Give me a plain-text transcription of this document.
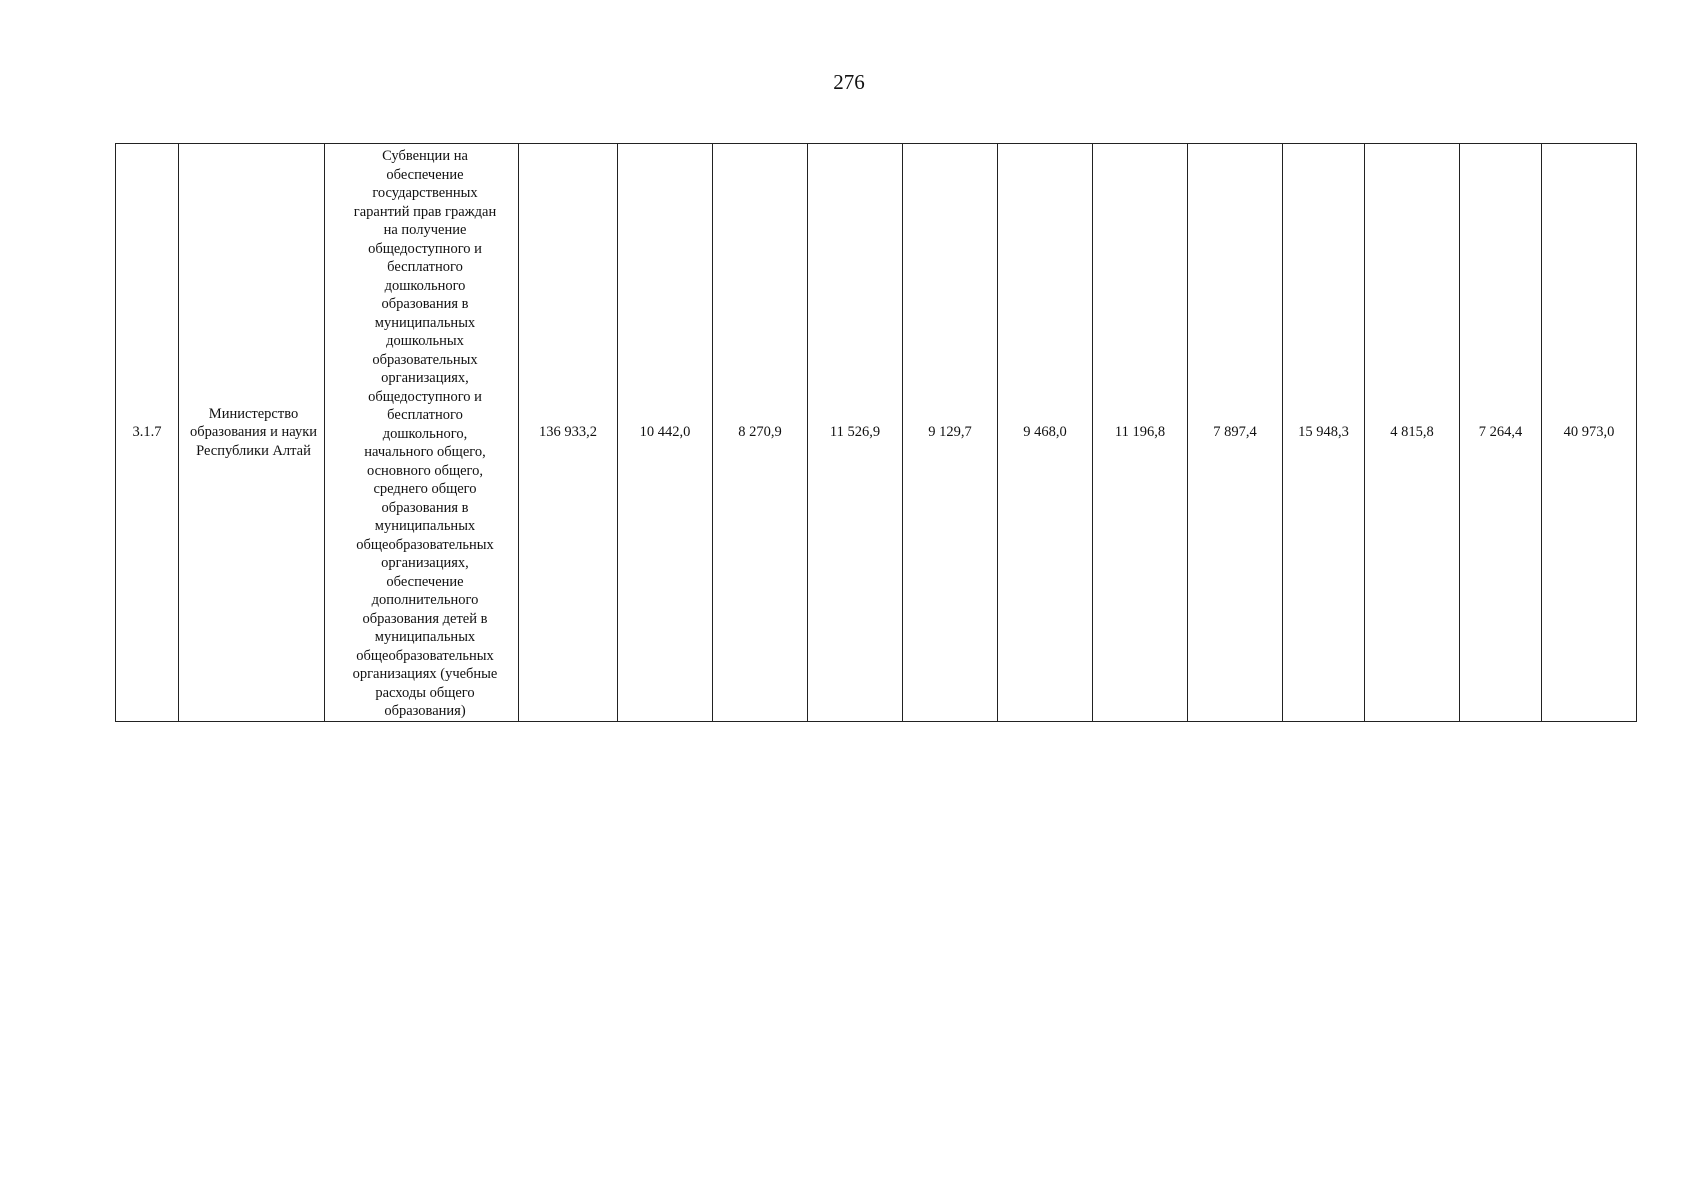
276
3.1.7	Министерство образования и науки Республики Алтай	Субвенции на
обеспечение
государственных
гарантий прав граждан
на получение
общедоступного и
бесплатного
дошкольного
образования в
муниципальных
дошкольных
образовательных
организациях,
общедоступного и
бесплатного
дошкольного,
начального общего,
основного общего,
среднего общего
образования в
муниципальных
общеобразовательных
организациях,
обеспечение
дополнительного
образования детей в
муниципальных
общеобразовательных
организациях (учебные
расходы общего
образования)	136 933,2	10 442,0	8 270,9	11 526,9	9 129,7	9 468,0	11 196,8	7 897,4	15 948,3	4 815,8	7 264,4	40 973,0
